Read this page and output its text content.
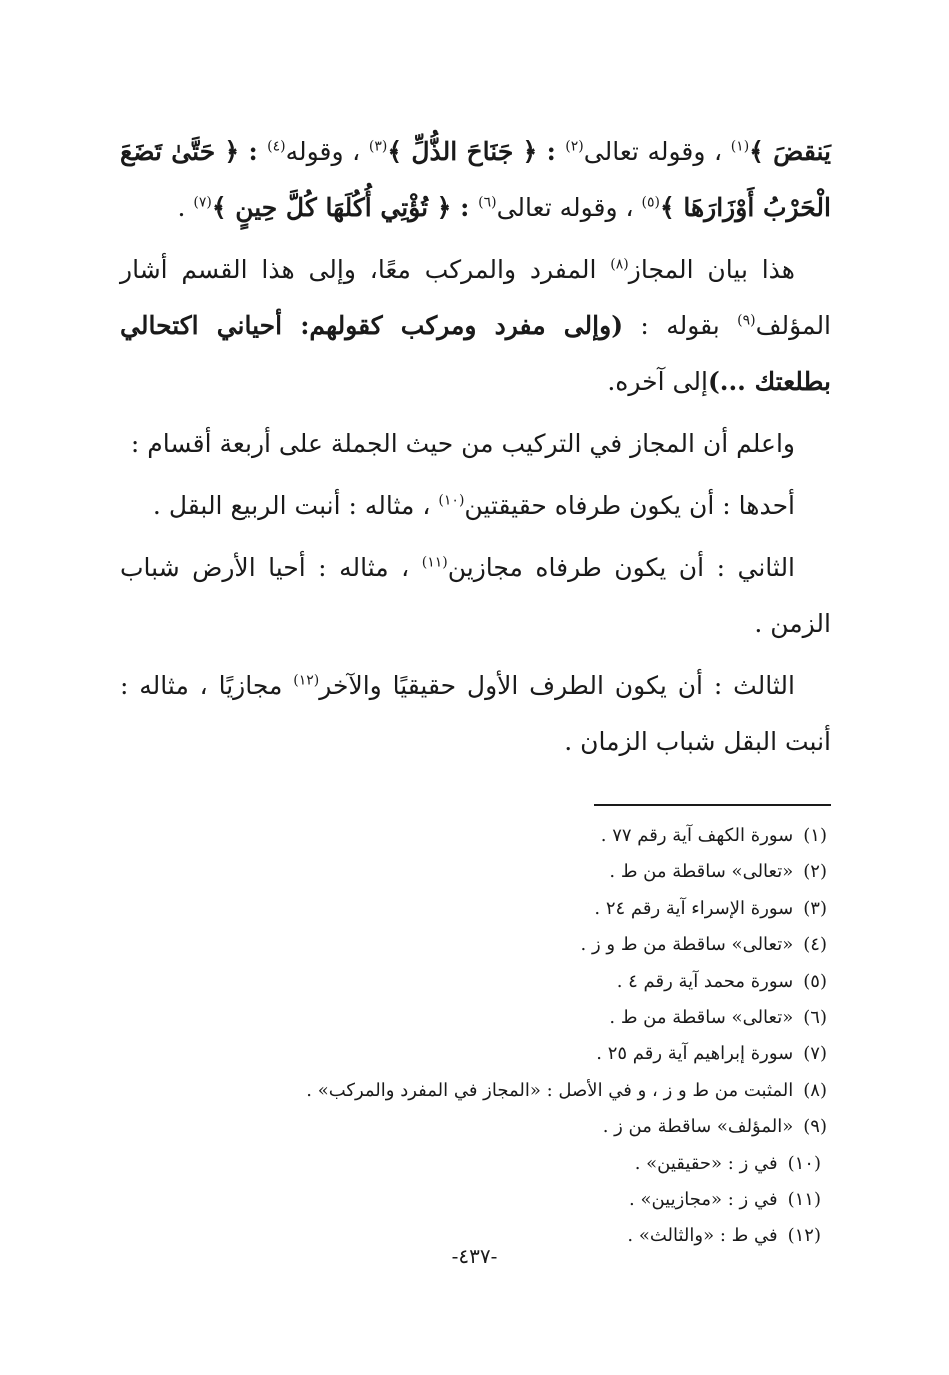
يَنقضَ ﴾$^{(١)}$ ، وقوله تعالى$^{(٢)}$ : ﴿ جَنَاحَ الذُّلِّ ﴾$^{(٣)}$ ، وقوله$^{(٤)}$ : ﴿ حَتَّىٰ تَضَعَ الْحَرْبُ أَوْزَارَهَا ﴾$^{(٥)}$ ، وقوله تعالى$^{(٦)}$ : ﴿ تُؤْتِي أُكُلَهَا كُلَّ حِينٍ ﴾$^{(٧)}$ .

هذا بيان المجاز$^{(٨)}$ المفرد والمركب معًا، وإلى هذا القسم أشار المؤلف$^{(٩)}$ بقوله : (وإلى مفرد ومركب كقولهم: أحياني اكتحالي بطلعتك ...)إلى آخره.

واعلم أن المجاز في التركيب من حيث الجملة على أربعة أقسام :

أحدها : أن يكون طرفاه حقيقتين$^{(١٠)}$ ، مثاله : أنبت الربيع البقل .

الثاني : أن يكون طرفاه مجازين$^{(١١)}$ ، مثاله : أحيا الأرض شباب الزمن .

الثالث : أن يكون الطرف الأول حقيقيًا والآخر$^{(١٢)}$ مجازيًا ، مثاله : أنبت البقل شباب الزمان .

(١)سورة الكهف آية رقم ٧٧ .
(٢)«تعالى» ساقطة من ط .
(٣)سورة الإسراء آية رقم ٢٤ .
(٤)«تعالى» ساقطة من ط و ز .
(٥)سورة محمد آية رقم ٤ .
(٦)«تعالى» ساقطة من ط .
(٧)سورة إبراهيم آية رقم ٢٥ .
(٨)المثبت من ط و ز ، و في الأصل : «المجاز في المفرد والمركب» .
(٩)«المؤلف» ساقطة من ز .
(١٠)في ز : «حقيقين» .
(١١)في ز : «مجازيين» .
(١٢)في ط : «والثالث» .
-٤٣٧-
